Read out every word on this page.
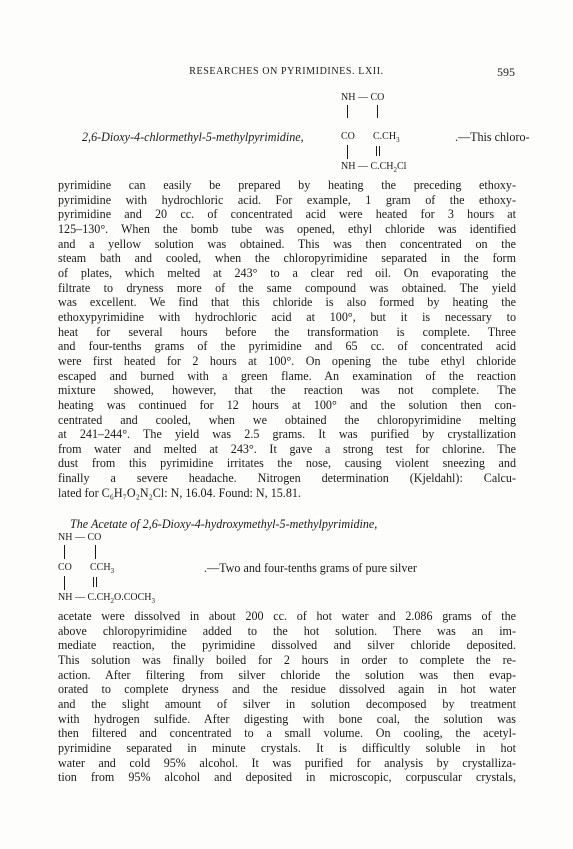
RESEARCHES ON PYRIMIDINES. LXII.	595
NH — CO
CO $C.CH_3$
NH — $C.CH_2Cl$
2,6-Dioxy-4-chlormethyl-5-methylpyrimidine,	.—This chloro-
pyrimidine can easily be prepared by heating the preceding ethoxy-
pyrimidine with hydrochloric acid. For example, 1 gram of the ethoxy-
pyrimidine and 20 cc. of concentrated acid were heated for 3 hours at
125–130°. When the bomb tube was opened, ethyl chloride was identified
and a yellow solution was obtained. This was then concentrated on the
steam bath and cooled, when the chloropyrimidine separated in the form
of plates, which melted at 243° to a clear red oil. On evaporating the
filtrate to dryness more of the same compound was obtained. The yield
was excellent. We find that this chloride is also formed by heating the
ethoxypyrimidine with hydrochloric acid at 100°, but it is necessary to
heat for several hours before the transformation is complete. Three
and four-tenths grams of the pyrimidine and 65 cc. of concentrated acid
were first heated for 2 hours at 100°. On opening the tube ethyl chloride
escaped and burned with a green flame. An examination of the reaction
mixture showed, however, that the reaction was not complete. The
heating was continued for 12 hours at 100° and the solution then con-
centrated and cooled, when we obtained the chloropyrimidine melting
at 241–244°. The yield was 2.5 grams. It was purified by crystallization
from water and melted at 243°. It gave a strong test for chlorine. The
dust from this pyrimidine irritates the nose, causing violent sneezing and
finally a severe headache. Nitrogen determination (Kjeldahl): Calcu-
lated for C₆H₇O₂N₂Cl: N, 16.04. Found: N, 15.81.
The Acetate of 2,6-Dioxy-4-hydroxymethyl-5-methylpyrimidine,
NH — CO
CO $CCH_3$	.—Two and four-tenths grams of pure silver
NH — $C.CH_2O.COCH_3$
acetate were dissolved in about 200 cc. of hot water and 2.086 grams of the
above chloropyrimidine added to the hot solution. There was an im-
mediate reaction, the pyrimidine dissolved and silver chloride deposited.
This solution was finally boiled for 2 hours in order to complete the re-
action. After filtering from silver chloride the solution was then evap-
orated to complete dryness and the residue dissolved again in hot water
and the slight amount of silver in solution decomposed by treatment
with hydrogen sulfide. After digesting with bone coal, the solution was
then filtered and concentrated to a small volume. On cooling, the acetyl-
pyrimidine separated in minute crystals. It is difficultly soluble in hot
water and cold 95% alcohol. It was purified for analysis by crystalliza-
tion from 95% alcohol and deposited in microscopic, corpuscular crystals,
